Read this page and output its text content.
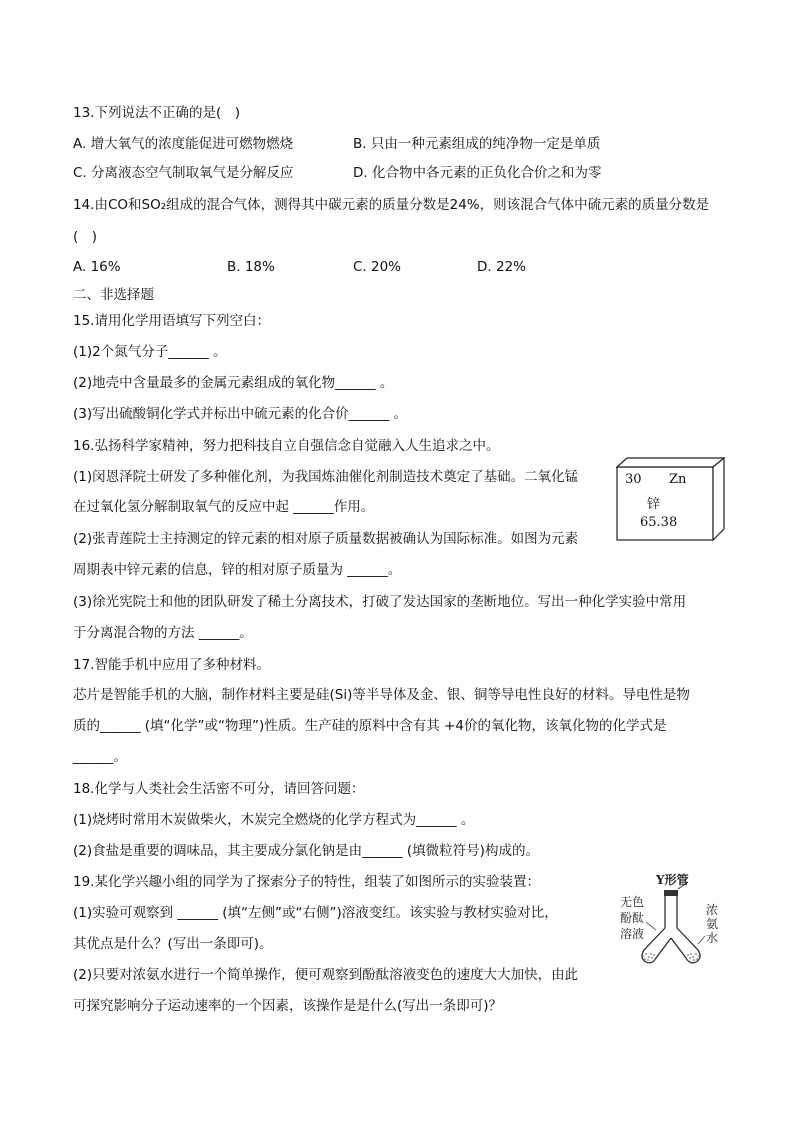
13.下列说法不正确的是(　)
A. 增大氧气的浓度能促进可燃物燃烧	B. 只由一种元素组成的纯净物一定是单质
C. 分离液态空气制取氧气是分解反应	D. 化合物中各元素的正负化合价之和为零
14.由CO和SO₂组成的混合气体，测得其中碳元素的质量分数是24%，则该混合气体中硫元素的质量分数是
(　)
A. 16%	B. 18%	C. 20%	D. 22%
二、非选择题
15.请用化学用语填写下列空白：
(1)2个氮气分子______ 。
(2)地壳中含量最多的金属元素组成的氧化物______ 。
(3)写出硫酸铜化学式并标出中硫元素的化合价______ 。
16.弘扬科学家精神，努力把科技自立自强信念自觉融入人生追求之中。
(1)闵恩泽院士研发了多种催化剂，为我国炼油催化剂制造技术奠定了基础。二氧化锰
在过氧化氢分解制取氧气的反应中起 ______作用。
(2)张青莲院士主持测定的锌元素的相对原子质量数据被确认为国际标准。如图为元素
周期表中锌元素的信息，锌的相对原子质量为 ______。
(3)徐光宪院士和他的团队研发了稀土分离技术，打破了发达国家的垄断地位。写出一种化学实验中常用
于分离混合物的方法 ______。
30 Zn
锌
65.38
17.智能手机中应用了多种材料。
芯片是智能手机的大脑，制作材料主要是硅(Si)等半导体及金、银、铜等导电性良好的材料。导电性是物
质的______ (填“化学”或“物理”)性质。生产硅的原料中含有其 +4价的氧化物，该氧化物的化学式是
______。
18.化学与人类社会生活密不可分，请回答问题：
(1)烧烤时常用木炭做柴火，木炭完全燃烧的化学方程式为______ 。
(2)食盐是重要的调味品，其主要成分氯化钠是由______ (填微粒符号)构成的。
19.某化学兴趣小组的同学为了探索分子的特性，组装了如图所示的实验装置：
(1)实验可观察到 ______ (填“左侧”或“右侧”)溶液变红。该实验与教材实验对比，
其优点是什么？(写出一条即可)。
(2)只要对浓氨水进行一个简单操作，便可观察到酚酞溶液变色的速度大大加快，由此
可探究影响分子运动速率的一个因素，该操作是是什么(写出一条即可)？
Y形管
无色
酚酞
溶液
浓
氨
水
